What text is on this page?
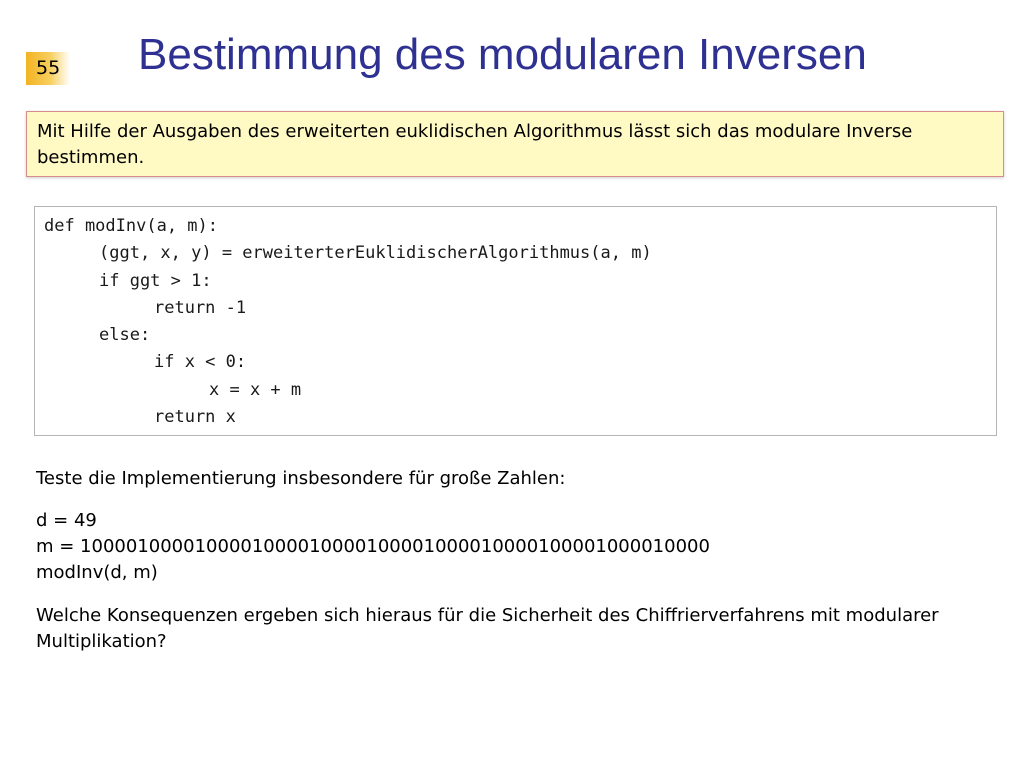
55 Bestimmung des modularen Inversen
Mit Hilfe der Ausgaben des erweiterten euklidischen Algorithmus lässt sich das modulare Inverse bestimmen.
def modInv(a, m):
(ggt, x, y) = erweiterterEuklidischerAlgorithmus(a, m)
if ggt > 1:
return -1
else:
if x < 0:
x = x + m
return x

Teste die Implementierung insbesondere für große Zahlen:

d = 49
m = 1000010000100001000010000100001000010000100001000010000
modInv(d, m)

Welche Konsequenzen ergeben sich hieraus für die Sicherheit des Chiffrierverfahrens mit modularer Multiplikation?
